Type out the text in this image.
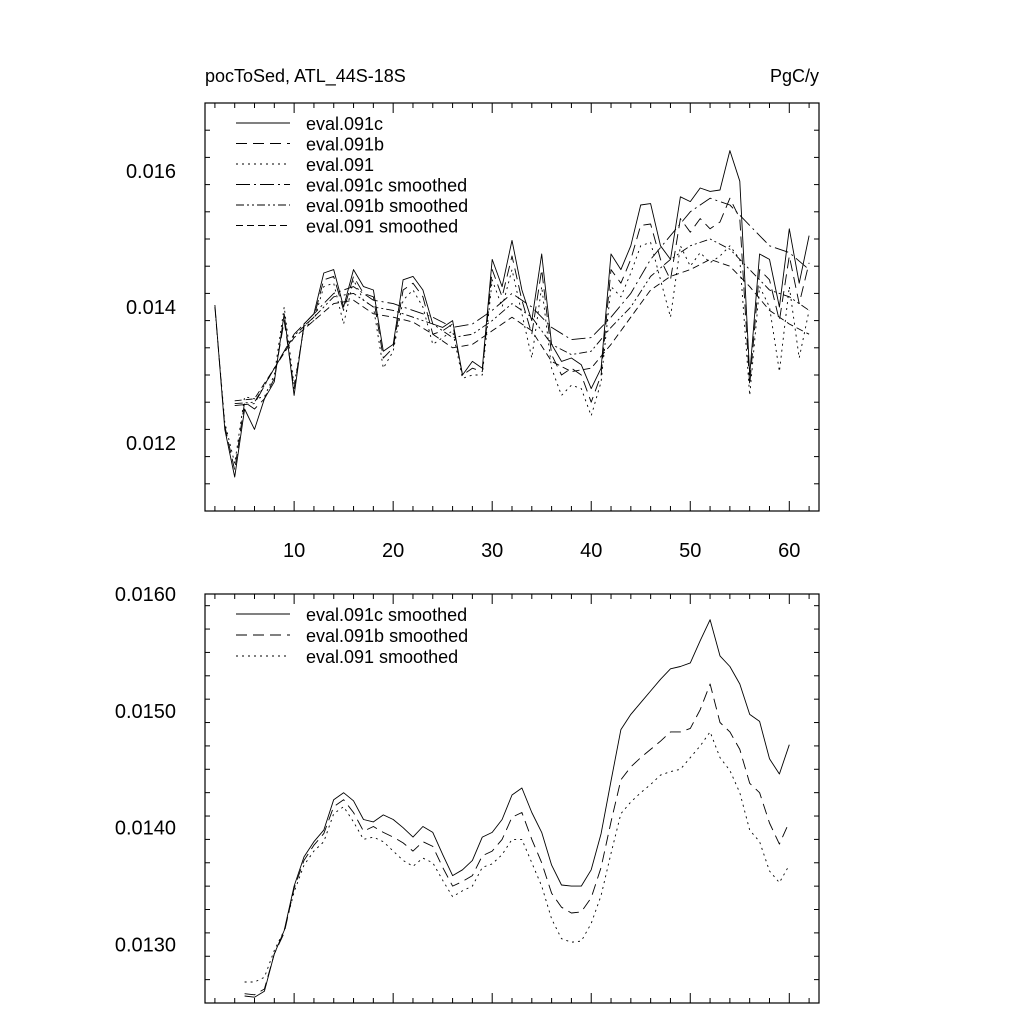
pocToSed, ATL_44S-18S	PgC/y
0.012
0.014
0.016
10	20	30	40	50	60
eval.091c
eval.091b
eval.091
eval.091c smoothed
eval.091b smoothed
eval.091 smoothed
0.0130
0.0140
0.0150
0.0160
eval.091c smoothed
eval.091b smoothed
eval.091 smoothed
